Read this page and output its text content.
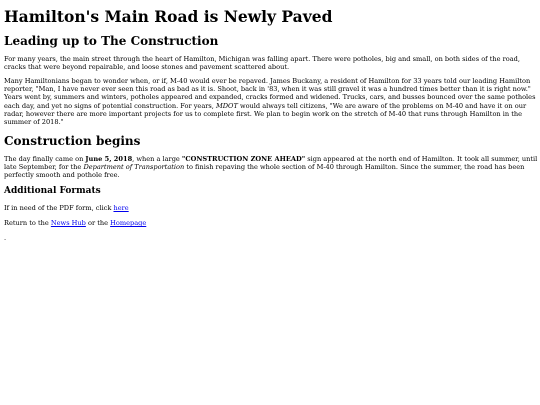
Hamilton's Main Road is Newly Paved
Leading up to The Construction

For many years, the main street through the heart of Hamilton, Michigan was falling apart. There were potholes, big and small, on both sides of the road, cracks that were beyond repairable, and loose stones and pavement scattered about.

Many Hamiltonians began to wonder when, or if, M-40 would ever be repaved. James Buckany, a resident of Hamilton for 33 years told our leading Hamilton reporter, "Man, I have never ever seen this road as bad as it is. Shoot, back in '83, when it was still gravel it was a hundred times better than it is right now." Years went by, summers and winters, potholes appeared and expanded, cracks formed and widened. Trucks, cars, and busses bounced over the same potholes each day, and yet no signs of potential construction. For years, MDOT would always tell citizens, "We are aware of the problems on M-40 and have it on our radar, however there are more important projects for us to complete first. We plan to begin work on the stretch of M-40 that runs through Hamilton in the summer of 2018."

Construction begins

The day finally came on June 5, 2018, when a large "CONSTRUCTION ZONE AHEAD" sign appeared at the north end of Hamilton. It took all summer, until late September, for the Department of Transportation to finish repaving the whole section of M-40 through Hamilton. Since the summer, the road has been perfectly smooth and pothole free.

Additional Formats

If in need of the PDF form, click here

Return to the News Hub or the Homepage

.
